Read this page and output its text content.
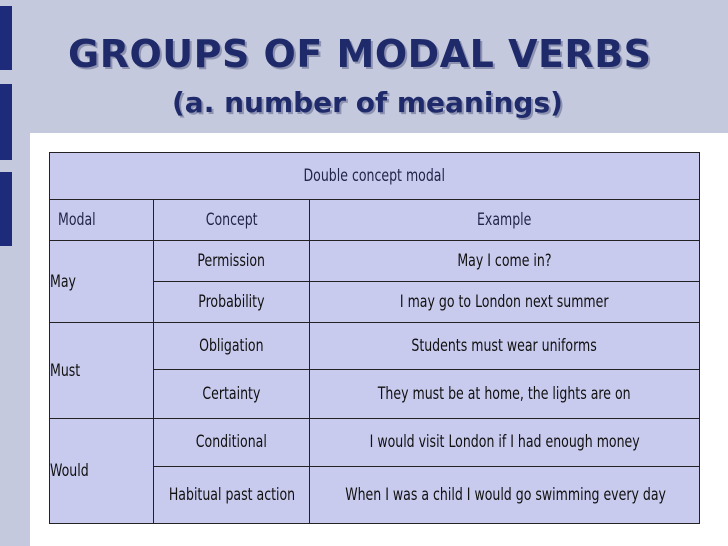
GROUPS OF MODAL VERBS
(a. number of meanings)
Double concept modal		
Modal	Concept	Example
May	Permission	May I come in?
	Probability	I may go to London next summer
Must	Obligation	Students must wear uniforms
	Certainty	They must be at home, the lights are on
Would	Conditional	I would visit London if I had enough money
	Habitual past action	When I was a child I would go swimming every day
